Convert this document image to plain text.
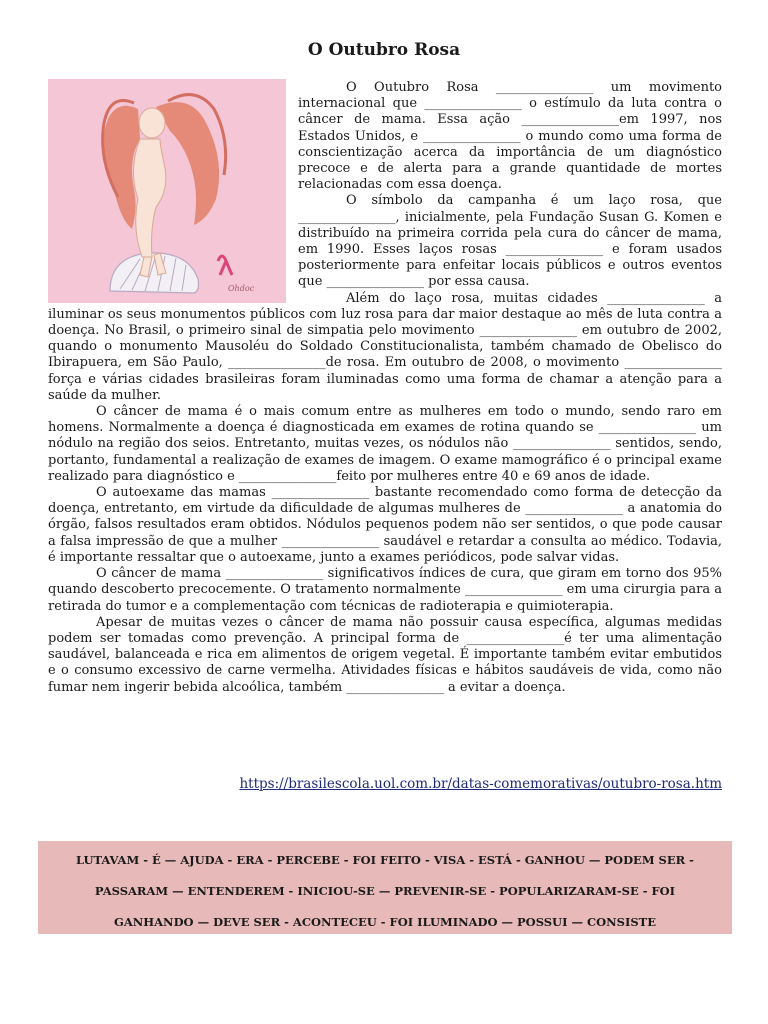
O Outubro Rosa
Ohdoc

O Outubro Rosa _______________ um movimento internacional que _______________ o estímulo da luta contra o câncer de mama. Essa ação _______________em 1997, nos Estados Unidos, e _______________ o mundo como uma forma de conscientização acerca da importância de um diagnóstico precoce e de alerta para a grande quantidade de mortes relacionadas com essa doença.

O símbolo da campanha é um laço rosa, que _______________, inicialmente, pela Fundação Susan G. Komen e distribuído na primeira corrida pela cura do câncer de mama, em 1990. Esses laços rosas _______________ e foram usados posteriormente para enfeitar locais públicos e outros eventos que _______________ por essa causa.

Além do laço rosa, muitas cidades _______________ a iluminar os seus monumentos públicos com luz rosa para dar maior destaque ao mês de luta contra a doença. No Brasil, o primeiro sinal de simpatia pelo movimento _______________ em outubro de 2002, quando o monumento Mausoléu do Soldado Constitucionalista, também chamado de Obelisco do Ibirapuera, em São Paulo, _______________de rosa. Em outubro de 2008, o movimento _______________ força e várias cidades brasileiras foram iluminadas como uma forma de chamar a atenção para a saúde da mulher.

O câncer de mama é o mais comum entre as mulheres em todo o mundo, sendo raro em homens. Normalmente a doença é diagnosticada em exames de rotina quando se _______________ um nódulo na região dos seios. Entretanto, muitas vezes, os nódulos não _______________ sentidos, sendo, portanto, fundamental a realização de exames de imagem. O exame mamográfico é o principal exame realizado para diagnóstico e _______________feito por mulheres entre 40 e 69 anos de idade.

O autoexame das mamas _______________ bastante recomendado como forma de detecção da doença, entretanto, em virtude da dificuldade de algumas mulheres de _______________ a anatomia do órgão, falsos resultados eram obtidos. Nódulos pequenos podem não ser sentidos, o que pode causar a falsa impressão de que a mulher _______________ saudável e retardar a consulta ao médico. Todavia, é importante ressaltar que o autoexame, junto a exames periódicos, pode salvar vidas.

O câncer de mama _______________ significativos índices de cura, que giram em torno dos 95% quando descoberto precocemente. O tratamento normalmente _______________ em uma cirurgia para a retirada do tumor e a complementação com técnicas de radioterapia e quimioterapia.

Apesar de muitas vezes o câncer de mama não possuir causa específica, algumas medidas podem ser tomadas como prevenção. A principal forma de _______________é ter uma alimentação saudável, balanceada e rica em alimentos de origem vegetal. É importante também evitar embutidos e o consumo excessivo de carne vermelha. Atividades físicas e hábitos saudáveis de vida, como não fumar nem ingerir bebida alcoólica, também _______________ a evitar a doença.

https://brasilescola.uol.com.br/datas-comemorativas/outubro-rosa.htm
LUTAVAM - É — AJUDA - ERA - PERCEBE - FOI FEITO - VISA - ESTÁ - GANHOU — PODEM SER -
PASSARAM — ENTENDEREM - INICIOU-SE — PREVENIR-SE - POPULARIZARAM-SE - FOI
GANHANDO — DEVE SER - ACONTECEU - FOI ILUMINADO — POSSUI — CONSISTE
